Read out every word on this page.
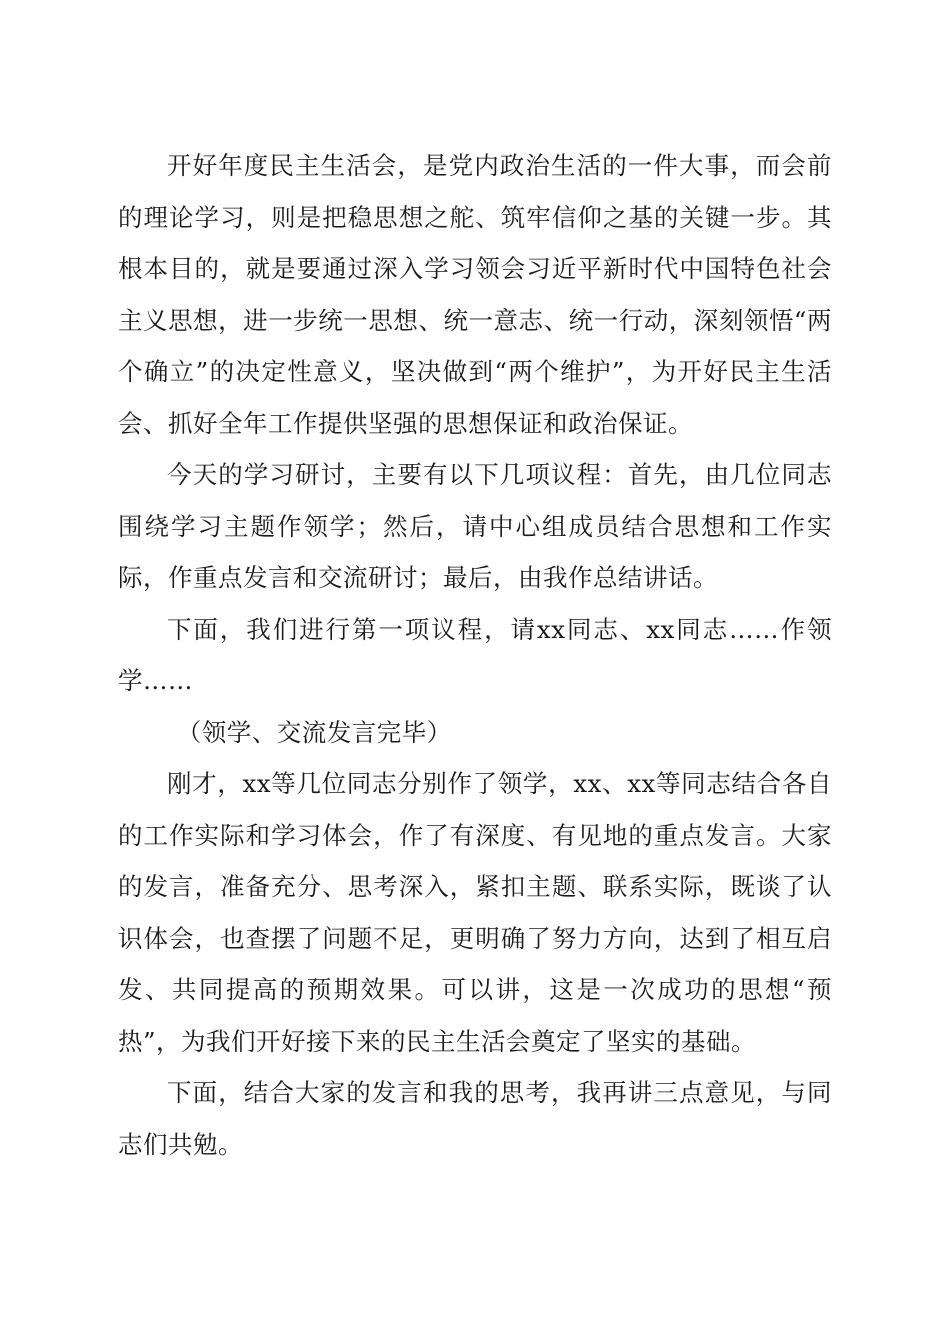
开好年度民主生活会，是党内政治生活的一件大事，而会前的理论学习，则是把稳思想之舵、筑牢信仰之基的关键一步。其根本目的，就是要通过深入学习领会习近平新时代中国特色社会主义思想，进一步统一思想、统一意志、统一行动，深刻领悟“两个确立”的决定性意义，坚决做到“两个维护”，为开好民主生活会、抓好全年工作提供坚强的思想保证和政治保证。

今天的学习研讨，主要有以下几项议程：首先，由几位同志围绕学习主题作领学；然后，请中心组成员结合思想和工作实际，作重点发言和交流研讨；最后，由我作总结讲话。

下面，我们进行第一项议程，请xx同志、xx同志……作领学……

（领学、交流发言完毕）

刚才，xx等几位同志分别作了领学，xx、xx等同志结合各自的工作实际和学习体会，作了有深度、有见地的重点发言。大家的发言，准备充分、思考深入，紧扣主题、联系实际，既谈了认识体会，也查摆了问题不足，更明确了努力方向，达到了相互启发、共同提高的预期效果。可以讲，这是一次成功的思想“预热”，为我们开好接下来的民主生活会奠定了坚实的基础。

下面，结合大家的发言和我的思考，我再讲三点意见，与同志们共勉。
